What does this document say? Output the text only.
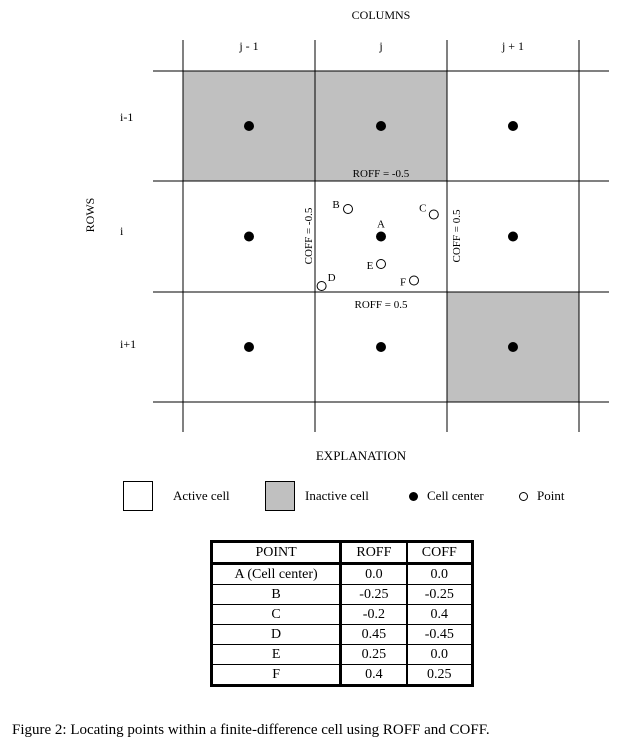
A
B	C
D
E
F
COLUMNS
ROWS
j - 1	j	j + 1
i-1
i
i+1
ROFF = -0.5
ROFF = 0.5
COFF = -0.5	COFF = 0.5
EXPLANATION
Active cell	Inactive cell	Cell center	Point
POINT	ROFF	COFF
A (Cell center)	0.0	0.0
B	-0.25	-0.25
C	-0.2	0.4
D	0.45	-0.45
E	0.25	0.0
F	0.4	0.25
Figure 2: Locating points within a finite-difference cell using ROFF and COFF.
